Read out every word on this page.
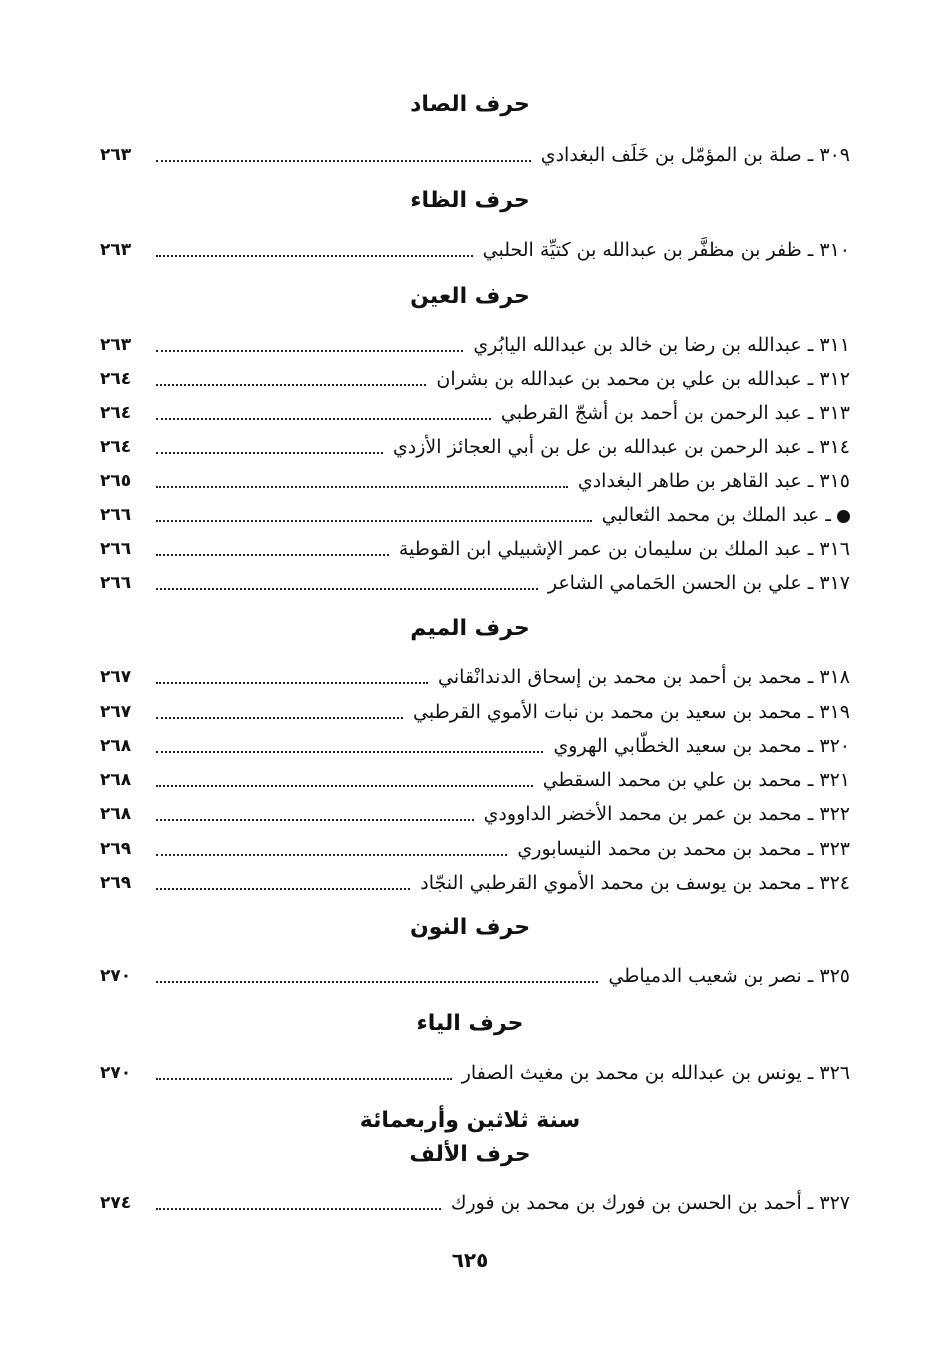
حرف الصاد
٣٠٩ ـ صلة بن المؤمّل بن خَلَف البغدادي
٢٦٣
حرف الظاء
٣١٠ ـ ظفر بن مظفَّر بن عبدالله بن كتيِّة الحلبي
٢٦٣
حرف العين
٣١١ ـ عبدالله بن رضا بن خالد بن عبدالله اليابُري
٢٦٣
٣١٢ ـ عبدالله بن علي بن محمد بن عبدالله بن بشران
٢٦٤
٣١٣ ـ عبد الرحمن بن أحمد بن أشجّ القرطبي
٢٦٤
٣١٤ ـ عبد الرحمن بن عبدالله بن عل بن أبي العجائز الأزدي
٢٦٤
٣١٥ ـ عبد القاهر بن طاهر البغدادي
٢٦٥
ـ عبد الملك بن محمد الثعالبي
٢٦٦
٣١٦ ـ عبد الملك بن سليمان بن عمر الإشبيلي ابن القوطية
٢٦٦
٣١٧ ـ علي بن الحسن الحَمامي الشاعر
٢٦٦
حرف الميم
٣١٨ ـ محمد بن أحمد بن محمد بن إسحاق الدندانْقاني
٢٦٧
٣١٩ ـ محمد بن سعيد بن محمد بن نبات الأموي القرطبي
٢٦٧
٣٢٠ ـ محمد بن سعيد الخطّابي الهروي
٢٦٨
٣٢١ ـ محمد بن علي بن محمد السقطي
٢٦٨
٣٢٢ ـ محمد بن عمر بن محمد الأخضر الداوودي
٢٦٨
٣٢٣ ـ محمد بن محمد بن محمد النيسابوري
٢٦٩
٣٢٤ ـ محمد بن يوسف بن محمد الأموي القرطبي النجّاد
٢٦٩
حرف النون
٣٢٥ ـ نصر بن شعيب الدمياطي
٢٧٠
حرف الياء
٣٢٦ ـ يونس بن عبدالله بن محمد بن مغيث الصفار
٢٧٠
سنة ثلاثين وأربعمائة
حرف الألف
٣٢٧ ـ أحمد بن الحسن بن فورك بن محمد بن فورك
٢٧٤
٦٢٥
